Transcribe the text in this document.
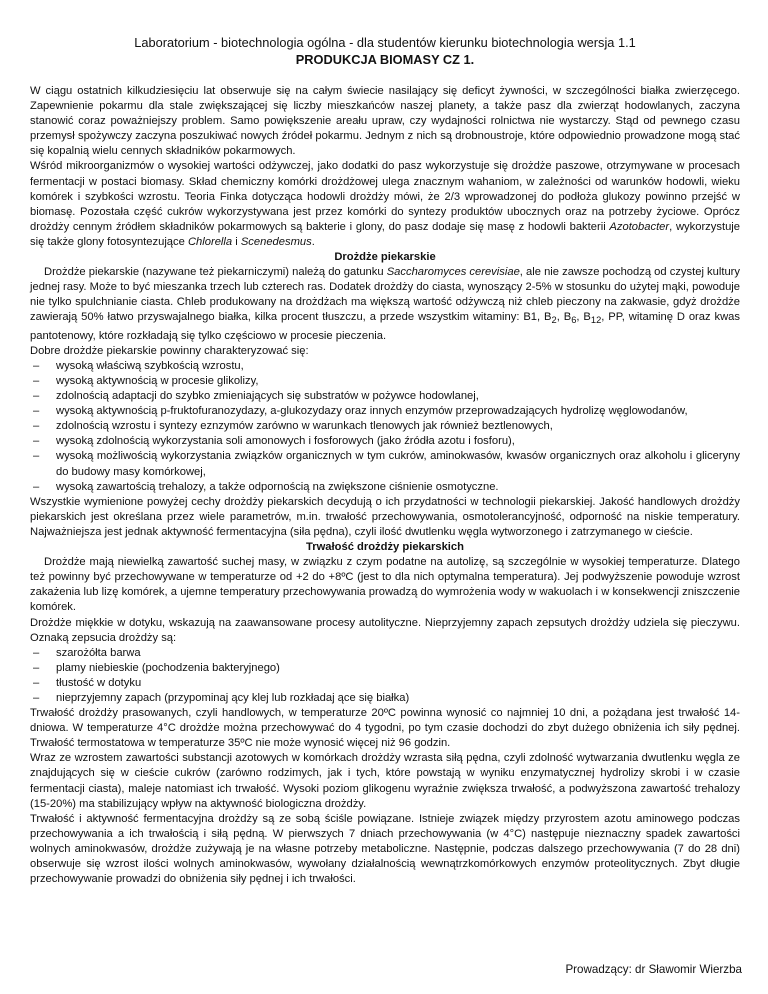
Laboratorium - biotechnologia ogólna - dla studentów kierunku biotechnologia wersja 1.1
PRODUKCJA BIOMASY CZ 1.

W ciągu ostatnich kilkudziesięciu lat obserwuje się na całym świecie nasilający się deficyt żywności, w szczególności białka zwierzęcego. Zapewnienie pokarmu dla stale zwiększającej się liczby mieszkańców naszej planety, a także pasz dla zwierząt hodowlanych, zaczyna stanowić coraz poważniejszy problem. Samo powiększenie areału upraw, czy wydajności rolnictwa nie wystarczy. Stąd od pewnego czasu przemysł spożywczy zaczyna poszukiwać nowych źródeł pokarmu. Jednym z nich są drobnoustroje, które odpowiednio prowadzone mogą stać się kopalnią wielu cennych składników pokarmowych.

Wśród mikroorganizmów o wysokiej wartości odżywczej, jako dodatki do pasz wykorzystuje się drożdże paszowe, otrzymywane w procesach fermentacji w postaci biomasy. Skład chemiczny komórki drożdżowej ulega znacznym wahaniom, w zależności od warunków hodowli, wieku komórek i szybkości wzrostu. Teoria Finka dotycząca hodowli drożdży mówi, że 2/3 wprowadzonej do podłoża glukozy powinno przejść w biomasę. Pozostała część cukrów wykorzystywana jest przez komórki do syntezy produktów ubocznych oraz na potrzeby życiowe. Oprócz drożdży cennym źródłem składników pokarmowych są bakterie i glony, do pasz dodaje się masę z hodowli bakterii Azotobacter, wykorzystuje się także glony fotosyntezujące Chlorella i Scenedesmus.

Drożdże piekarskie

Drożdże piekarskie (nazywane też piekarniczymi) należą do gatunku Saccharomyces cerevisiae, ale nie zawsze pochodzą od czystej kultury jednej rasy. Może to być mieszanka trzech lub czterech ras. Dodatek drożdży do ciasta, wynoszący 2-5% w stosunku do użytej mąki, powoduje nie tylko spulchnianie ciasta. Chleb produkowany na drożdżach ma większą wartość odżywczą niż chleb pieczony na zakwasie, gdyż drożdże zawierają 50% łatwo przyswajalnego białka, kilka procent tłuszczu, a przede wszystkim witaminy: B1, $B_2$, $B_6$, $B_{12}$, PP, witaminę D oraz kwas pantotenowy, które rozkładają się tylko częściowo w procesie pieczenia.

Dobre drożdże piekarskie powinny charakteryzować się:

– wysoką właściwą szybkością wzrostu,
– wysoką aktywnością w procesie glikolizy,
– zdolnością adaptacji do szybko zmieniających się substratów w pożywce hodowlanej,
– wysoką aktywnością p-fruktofuranozydazy, a-glukozydazy oraz innych enzymów przeprowadzających hydrolizę węglowodanów,
– zdolnością wzrostu i syntezy eznzymów zarówno w warunkach tlenowych jak również beztlenowych,
– wysoką zdolnością wykorzystania soli amonowych i fosforowych (jako źródła azotu i fosforu),
– wysoką możliwością wykorzystania związków organicznych w tym cukrów, aminokwasów, kwasów organicznych oraz alkoholu i gliceryny do budowy masy komórkowej,
– wysoką zawartością trehalozy, a także odpornością na zwiększone ciśnienie osmotyczne.

Wszystkie wymienione powyżej cechy drożdży piekarskich decydują o ich przydatności w technologii piekarskiej. Jakość handlowych drożdży piekarskich jest określana przez wiele parametrów, m.in. trwałość przechowywania, osmotolerancyjność, odporność na niskie temperatury. Najważniejsza jest jednak aktywność fermentacyjna (siła pędna), czyli ilość dwutlenku węgla wytworzonego i zatrzymanego w cieście.

Trwałość drożdży piekarskich

Drożdże mają niewielką zawartość suchej masy, w związku z czym podatne na autolizę, są szczególnie w wysokiej temperaturze. Dlatego też powinny być przechowywane w temperaturze od +2 do +8ºC (jest to dla nich optymalna temperatura). Jej podwyższenie powoduje wzrost zakażenia lub lizę komórek, a ujemne temperatury przechowywania prowadzą do wymrożenia wody w wakuolach i w konsekwencji zniszczenie komórek.

Drożdże miękkie w dotyku, wskazują na zaawansowane procesy autolityczne. Nieprzyjemny zapach zepsutych drożdży udziela się pieczywu. Oznaką zepsucia drożdży są:

– szarożółta barwa
– plamy niebieskie (pochodzenia bakteryjnego)
– tłustość w dotyku
– nieprzyjemny zapach (przypominaj ący klej lub rozkładaj ące się białka)

Trwałość drożdży prasowanych, czyli handlowych, w temperaturze 20ºC powinna wynosić co najmniej 10 dni, a pożądana jest trwałość 14-dniowa. W temperaturze 4°C drożdże można przechowywać do 4 tygodni, po tym czasie dochodzi do zbyt dużego obniżenia ich siły pędnej. Trwałość termostatowa w temperaturze 35ºC nie może wynosić więcej niż 96 godzin.

Wraz ze wzrostem zawartości substancji azotowych w komórkach drożdży wzrasta siłą pędna, czyli zdolność wytwarzania dwutlenku węgla ze znajdujących się w cieście cukrów (zarówno rodzimych, jak i tych, które powstają w wyniku enzymatycznej hydrolizy skrobi i w czasie fermentacji ciasta), maleje natomiast ich trwałość. Wysoki poziom glikogenu wyraźnie zwiększa trwałość, a podwyższona zawartość trehalozy (15-20%) ma stabilizujący wpływ na aktywność biologiczna drożdży.

Trwałość i aktywność fermentacyjna drożdży są ze sobą ściśle powiązane. Istnieje związek między przyrostem azotu aminowego podczas przechowywania a ich trwałością i siłą pędną. W pierwszych 7 dniach przechowywania (w 4°C) następuje nieznaczny spadek zawartości wolnych aminokwasów, drożdże zużywają je na własne potrzeby metaboliczne. Następnie, podczas dalszego przechowywania (7 do 28 dni) obserwuje się wzrost ilości wolnych aminokwasów, wywołany działalnością wewnątrzkomórkowych enzymów proteolitycznych. Zbyt długie przechowywanie prowadzi do obniżenia siły pędnej i ich trwałości.

Prowadzący: dr Sławomir Wierzba
